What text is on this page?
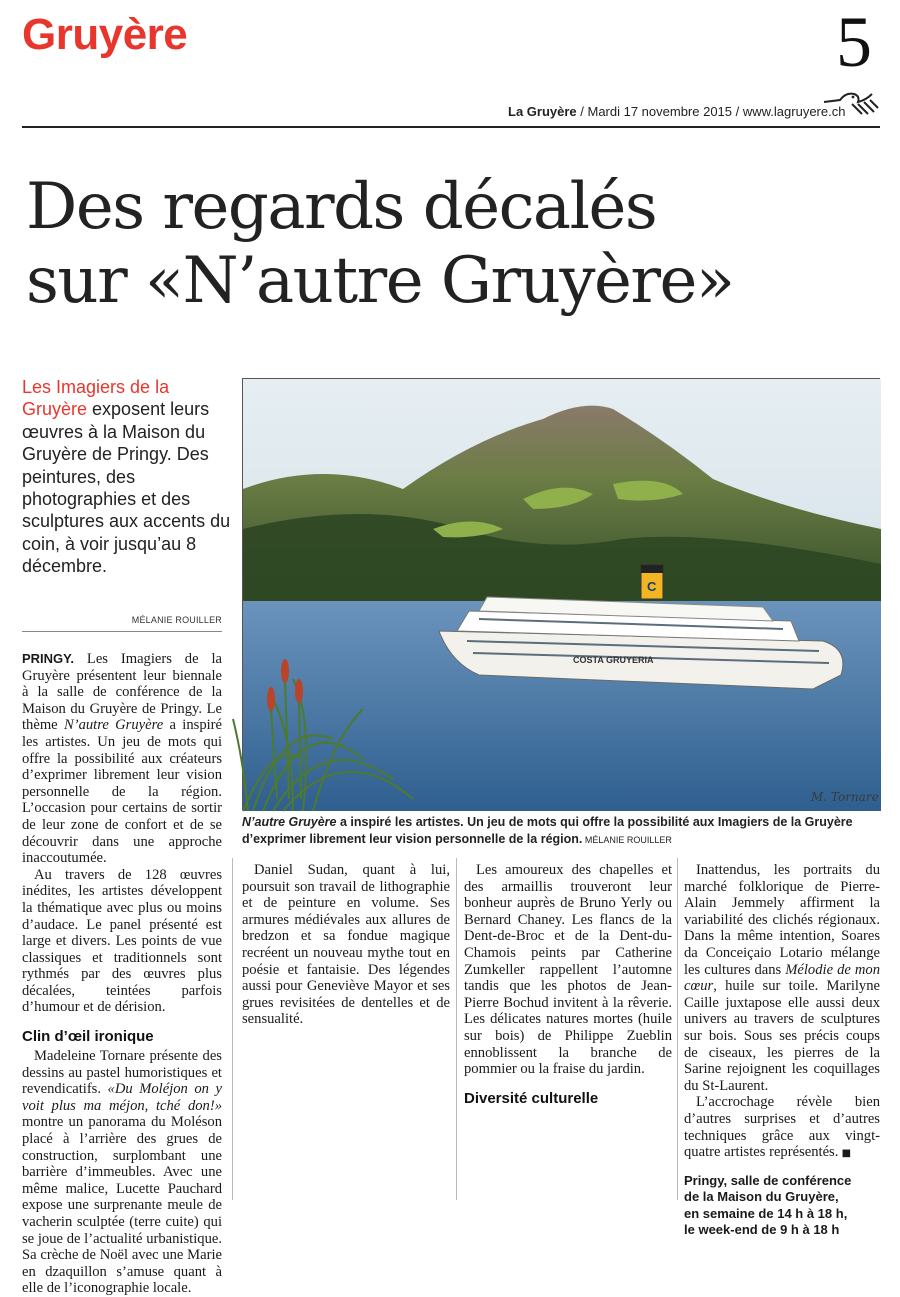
Gruyère	5
La Gruyère / Mardi 17 novembre 2015 / www.lagruyere.ch
Des regards décalés
sur «N’autre Gruyère»
Les Imagiers de la Gruyère exposent leurs œuvres à la Maison du Gruyère de Pringy. Des peintures, des photographies et des sculptures aux accents du coin, à voir jusqu’au 8 décembre.
MÉLANIE ROUILLER
C
COSTA GRUYERIA
M. Tornare
N’autre Gruyère a inspiré les artistes. Un jeu de mots qui offre la possibilité aux Imagiers de la Gruyère d’exprimer librement leur vision personnelle de la région. MÉLANIE ROUILLER

PRINGY. Les Imagiers de la Gruyère présentent leur biennale à la salle de conférence de la Maison du Gruyère de Pringy. Le thème N’autre Gruyère a inspiré les artistes. Un jeu de mots qui offre la possibilité aux créateurs d’exprimer librement leur vision personnelle de la région. L’occasion pour certains de sortir de leur zone de confort et de se découvrir dans une approche inaccoutumée.

Au travers de 128 œuvres inédites, les artistes développent la thématique avec plus ou moins d’audace. Le panel présenté est large et divers. Les points de vue classiques et traditionnels sont rythmés par des œuvres plus décalées, teintées parfois d’humour et de dérision.

Clin d’œil ironique

Madeleine Tornare présente des dessins au pastel humoristiques et revendicatifs. «Du Moléjon on y voit plus ma méjon, tché don!» montre un panorama du Moléson placé à l’arrière des grues de construction, surplombant une barrière d’immeubles. Avec une même malice, Lucette Pauchard expose une surprenante meule de vacherin sculptée (terre cuite) qui se joue de l’actualité urbanistique. Sa crèche de Noël avec une Marie en dzaquillon s’amuse quant à elle de l’iconographie locale.

Daniel Sudan, quant à lui, poursuit son travail de lithographie et de peinture en volume. Ses armures médiévales aux allures de bredzon et sa fondue magique recréent un nouveau mythe tout en poésie et fantaisie. Des légendes aussi pour Geneviève Mayor et ses grues revisitées de dentelles et de sensualité.

Les amoureux des chapelles et des armaillis trouveront leur bonheur auprès de Bruno Yerly ou Bernard Chaney. Les flancs de la Dent-de-Broc et de la Dent-du-Chamois peints par Catherine Zumkeller rappellent l’automne tandis que les photos de Jean-Pierre Bochud invitent à la rêverie. Les délicates natures mortes (huile sur bois) de Philippe Zueblin ennoblissent la branche de pommier ou la fraise du jardin.

Diversité culturelle

Inattendus, les portraits du marché folklorique de Pierre-Alain Jemmely affirment la variabilité des clichés régionaux. Dans la même intention, Soares da Conceiçaio Lotario mélange les cultures dans Mélodie de mon cœur, huile sur toile. Marilyne Caille juxtapose elle aussi deux univers au travers de sculptures sur bois. Sous ses précis coups de ciseaux, les pierres de la Sarine rejoignent les coquillages du St-Laurent.

L’accrochage révèle bien d’autres surprises et d’autres techniques grâce aux vingt-quatre artistes représentés. ■

Pringy, salle de conférence
de la Maison du Gruyère,
en semaine de 14 h à 18 h,
le week-end de 9 h à 18 h
